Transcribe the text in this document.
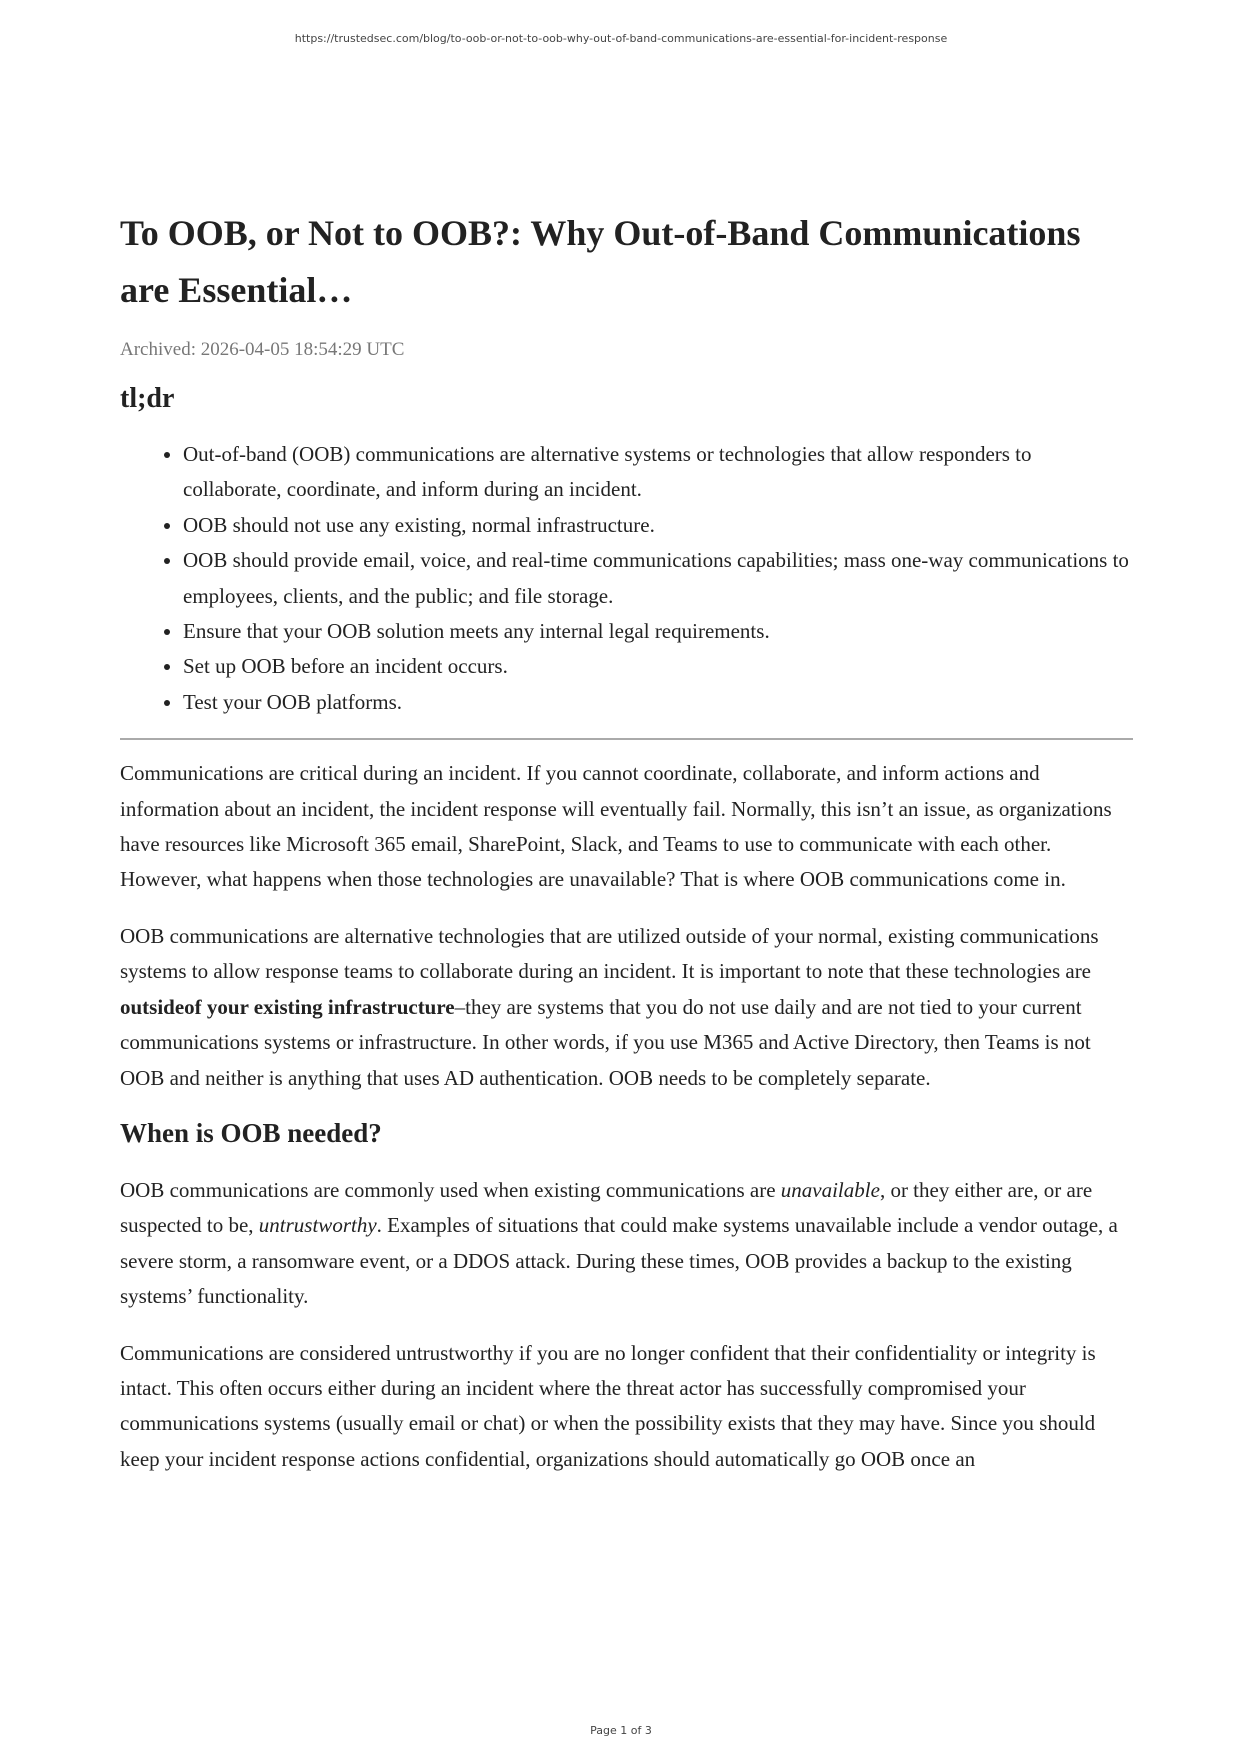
https://trustedsec.com/blog/to-oob-or-not-to-oob-why-out-of-band-communications-are-essential-for-incident-response
To OOB, or Not to OOB?: Why Out-of-Band Communications are Essential…
Archived: 2026-04-05 18:54:29 UTC
tl;dr
• Out-of-band (OOB) communications are alternative systems or technologies that allow responders to collaborate, coordinate, and inform during an incident.
• OOB should not use any existing, normal infrastructure.
• OOB should provide email, voice, and real-time communications capabilities; mass one-way communications to employees, clients, and the public; and file storage.
• Ensure that your OOB solution meets any internal legal requirements.
• Set up OOB before an incident occurs.
• Test your OOB platforms.

Communications are critical during an incident. If you cannot coordinate, collaborate, and inform actions and information about an incident, the incident response will eventually fail. Normally, this isn’t an issue, as organizations have resources like Microsoft 365 email, SharePoint, Slack, and Teams to use to communicate with each other. However, what happens when those technologies are unavailable? That is where OOB communications come in.

OOB communications are alternative technologies that are utilized outside of your normal, existing communications systems to allow response teams to collaborate during an incident. It is important to note that these technologies are outsideof your existing infrastructure–they are systems that you do not use daily and are not tied to your current communications systems or infrastructure. In other words, if you use M365 and Active Directory, then Teams is not OOB and neither is anything that uses AD authentication. OOB needs to be completely separate.

When is OOB needed?

OOB communications are commonly used when existing communications are unavailable, or they either are, or are suspected to be, untrustworthy. Examples of situations that could make systems unavailable include a vendor outage, a severe storm, a ransomware event, or a DDOS attack. During these times, OOB provides a backup to the existing systems’ functionality.

Communications are considered untrustworthy if you are no longer confident that their confidentiality or integrity is intact. This often occurs either during an incident where the threat actor has successfully compromised your communications systems (usually email or chat) or when the possibility exists that they may have. Since you should keep your incident response actions confidential, organizations should automatically go OOB once an

Page 1 of 3
